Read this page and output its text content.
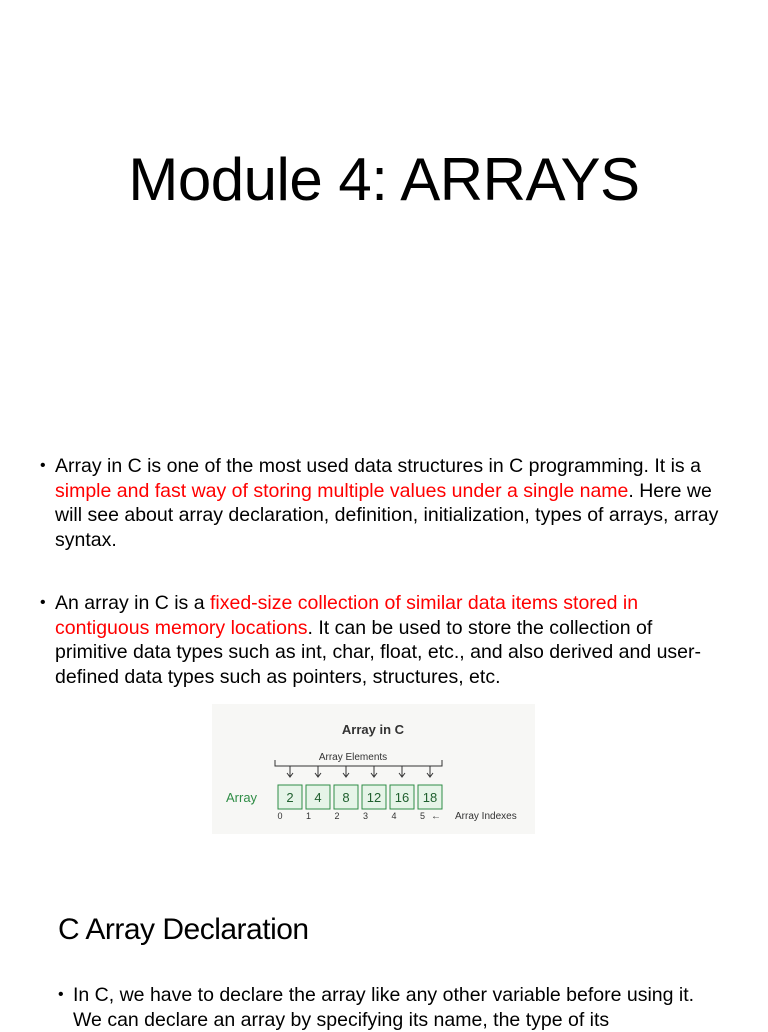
Module 4: ARRAYS
• Array in C is one of the most used data structures in C programming. It is a simple and fast way of storing multiple values under a single name. Here we will see about array declaration, definition, initialization, types of arrays, array syntax.
• An array in C is a fixed-size collection of similar data items stored in contiguous memory locations. It can be used to store the collection of primitive data types such as int, char, float, etc., and also derived and user-defined data types such as pointers, structures, etc.
Array in C
Array Elements
Array 2 4 8 12 16 18
0	1	2	3	4	5 ← Array Indexes
C Array Declaration
• In C, we have to declare the array like any other variable before using it. We can declare an array by specifying its name, the type of its
